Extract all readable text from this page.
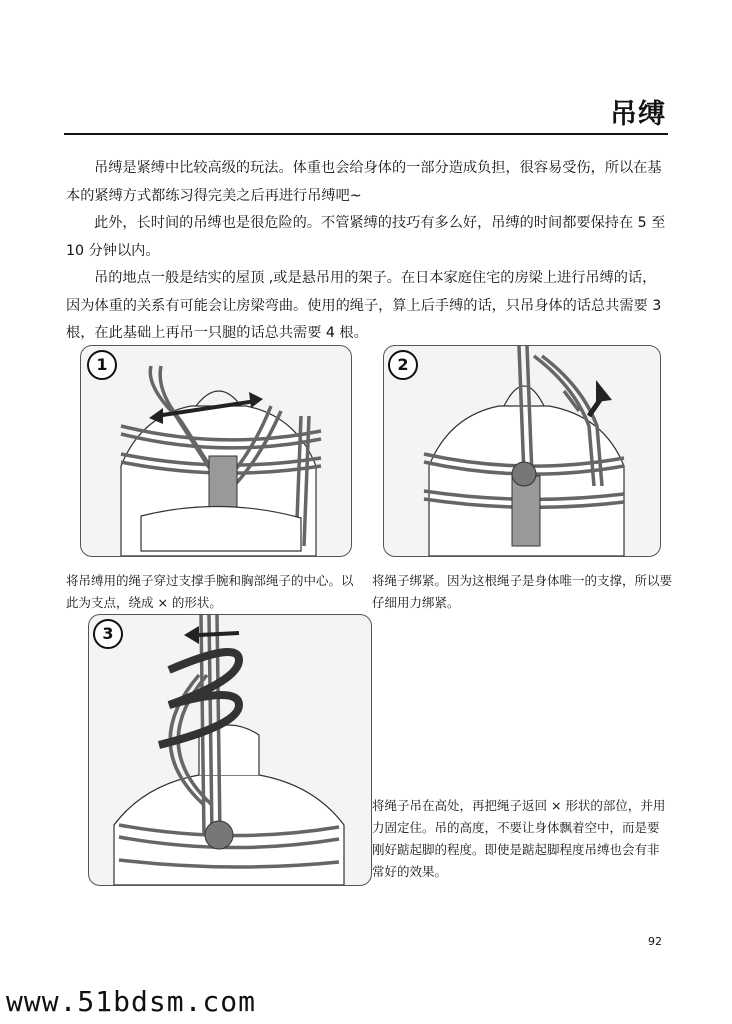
吊缚

吊缚是紧缚中比较高级的玩法。体重也会给身体的一部分造成负担，很容易受伤，所以在基本的紧缚方式都练习得完美之后再进行吊缚吧~

此外，长时间的吊缚也是很危险的。不管紧缚的技巧有多么好，吊缚的时间都要保持在 5 至 10 分钟以内。

吊的地点一般是结实的屋顶 ,或是悬吊用的架子。在日本家庭住宅的房梁上进行吊缚的话，因为体重的关系有可能会让房梁弯曲。使用的绳子，算上后手缚的话，只吊身体的话总共需要 3 根，在此基础上再吊一只腿的话总共需要 4 根。

1
将吊缚用的绳子穿过支撑手腕和胸部绳子的中心。以此为支点，绕成 × 的形状。
2
将绳子绑紧。因为这根绳子是身体唯一的支撑，所以要仔细用力绑紧。
3
将绳子吊在高处，再把绳子返回 × 形状的部位，并用力固定住。吊的高度，不要让身体飘着空中，而是要刚好踮起脚的程度。即使是踮起脚程度吊缚也会有非常好的效果。
92
www.51bdsm.com
